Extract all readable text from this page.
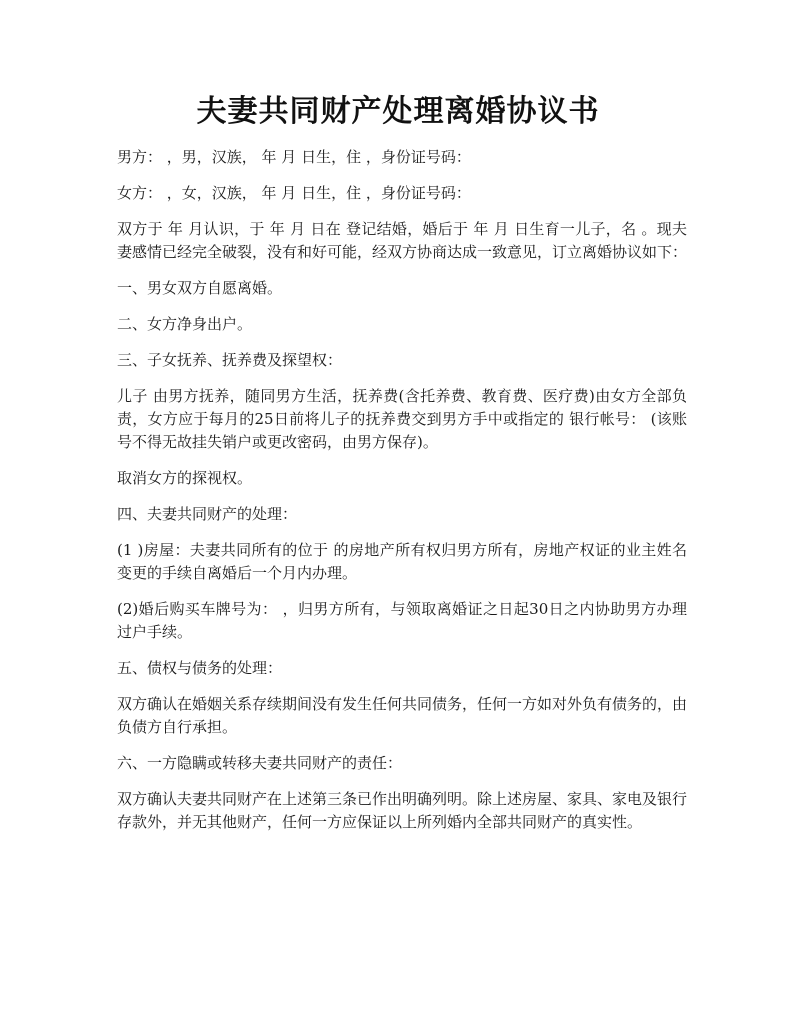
夫妻共同财产处理离婚协议书

男方： ，男，汉族， 年 月 日生，住 ，身份证号码：

女方： ，女，汉族， 年 月 日生，住 ，身份证号码：

双方于 年 月认识，于 年 月 日在 登记结婚，婚后于 年 月 日生育一儿子，名 。现夫妻感情已经完全破裂，没有和好可能，经双方协商达成一致意见，订立离婚协议如下：

一、男女双方自愿离婚。

二、女方净身出户。

三、子女抚养、抚养费及探望权：

儿子 由男方抚养，随同男方生活，抚养费(含托养费、教育费、医疗费)由女方全部负责，女方应于每月的25日前将儿子的抚养费交到男方手中或指定的 银行帐号： (该账号不得无故挂失销户或更改密码，由男方保存)。

取消女方的探视权。

四、夫妻共同财产的处理：

(1 )房屋：夫妻共同所有的位于 的房地产所有权归男方所有，房地产权证的业主姓名变更的手续自离婚后一个月内办理。

(2)婚后购买车牌号为： ，归男方所有，与领取离婚证之日起30日之内协助男方办理过户手续。

五、债权与债务的处理：

双方确认在婚姻关系存续期间没有发生任何共同债务，任何一方如对外负有债务的，由负债方自行承担。

六、一方隐瞒或转移夫妻共同财产的责任：

双方确认夫妻共同财产在上述第三条已作出明确列明。除上述房屋、家具、家电及银行存款外，并无其他财产，任何一方应保证以上所列婚内全部共同财产的真实性。
